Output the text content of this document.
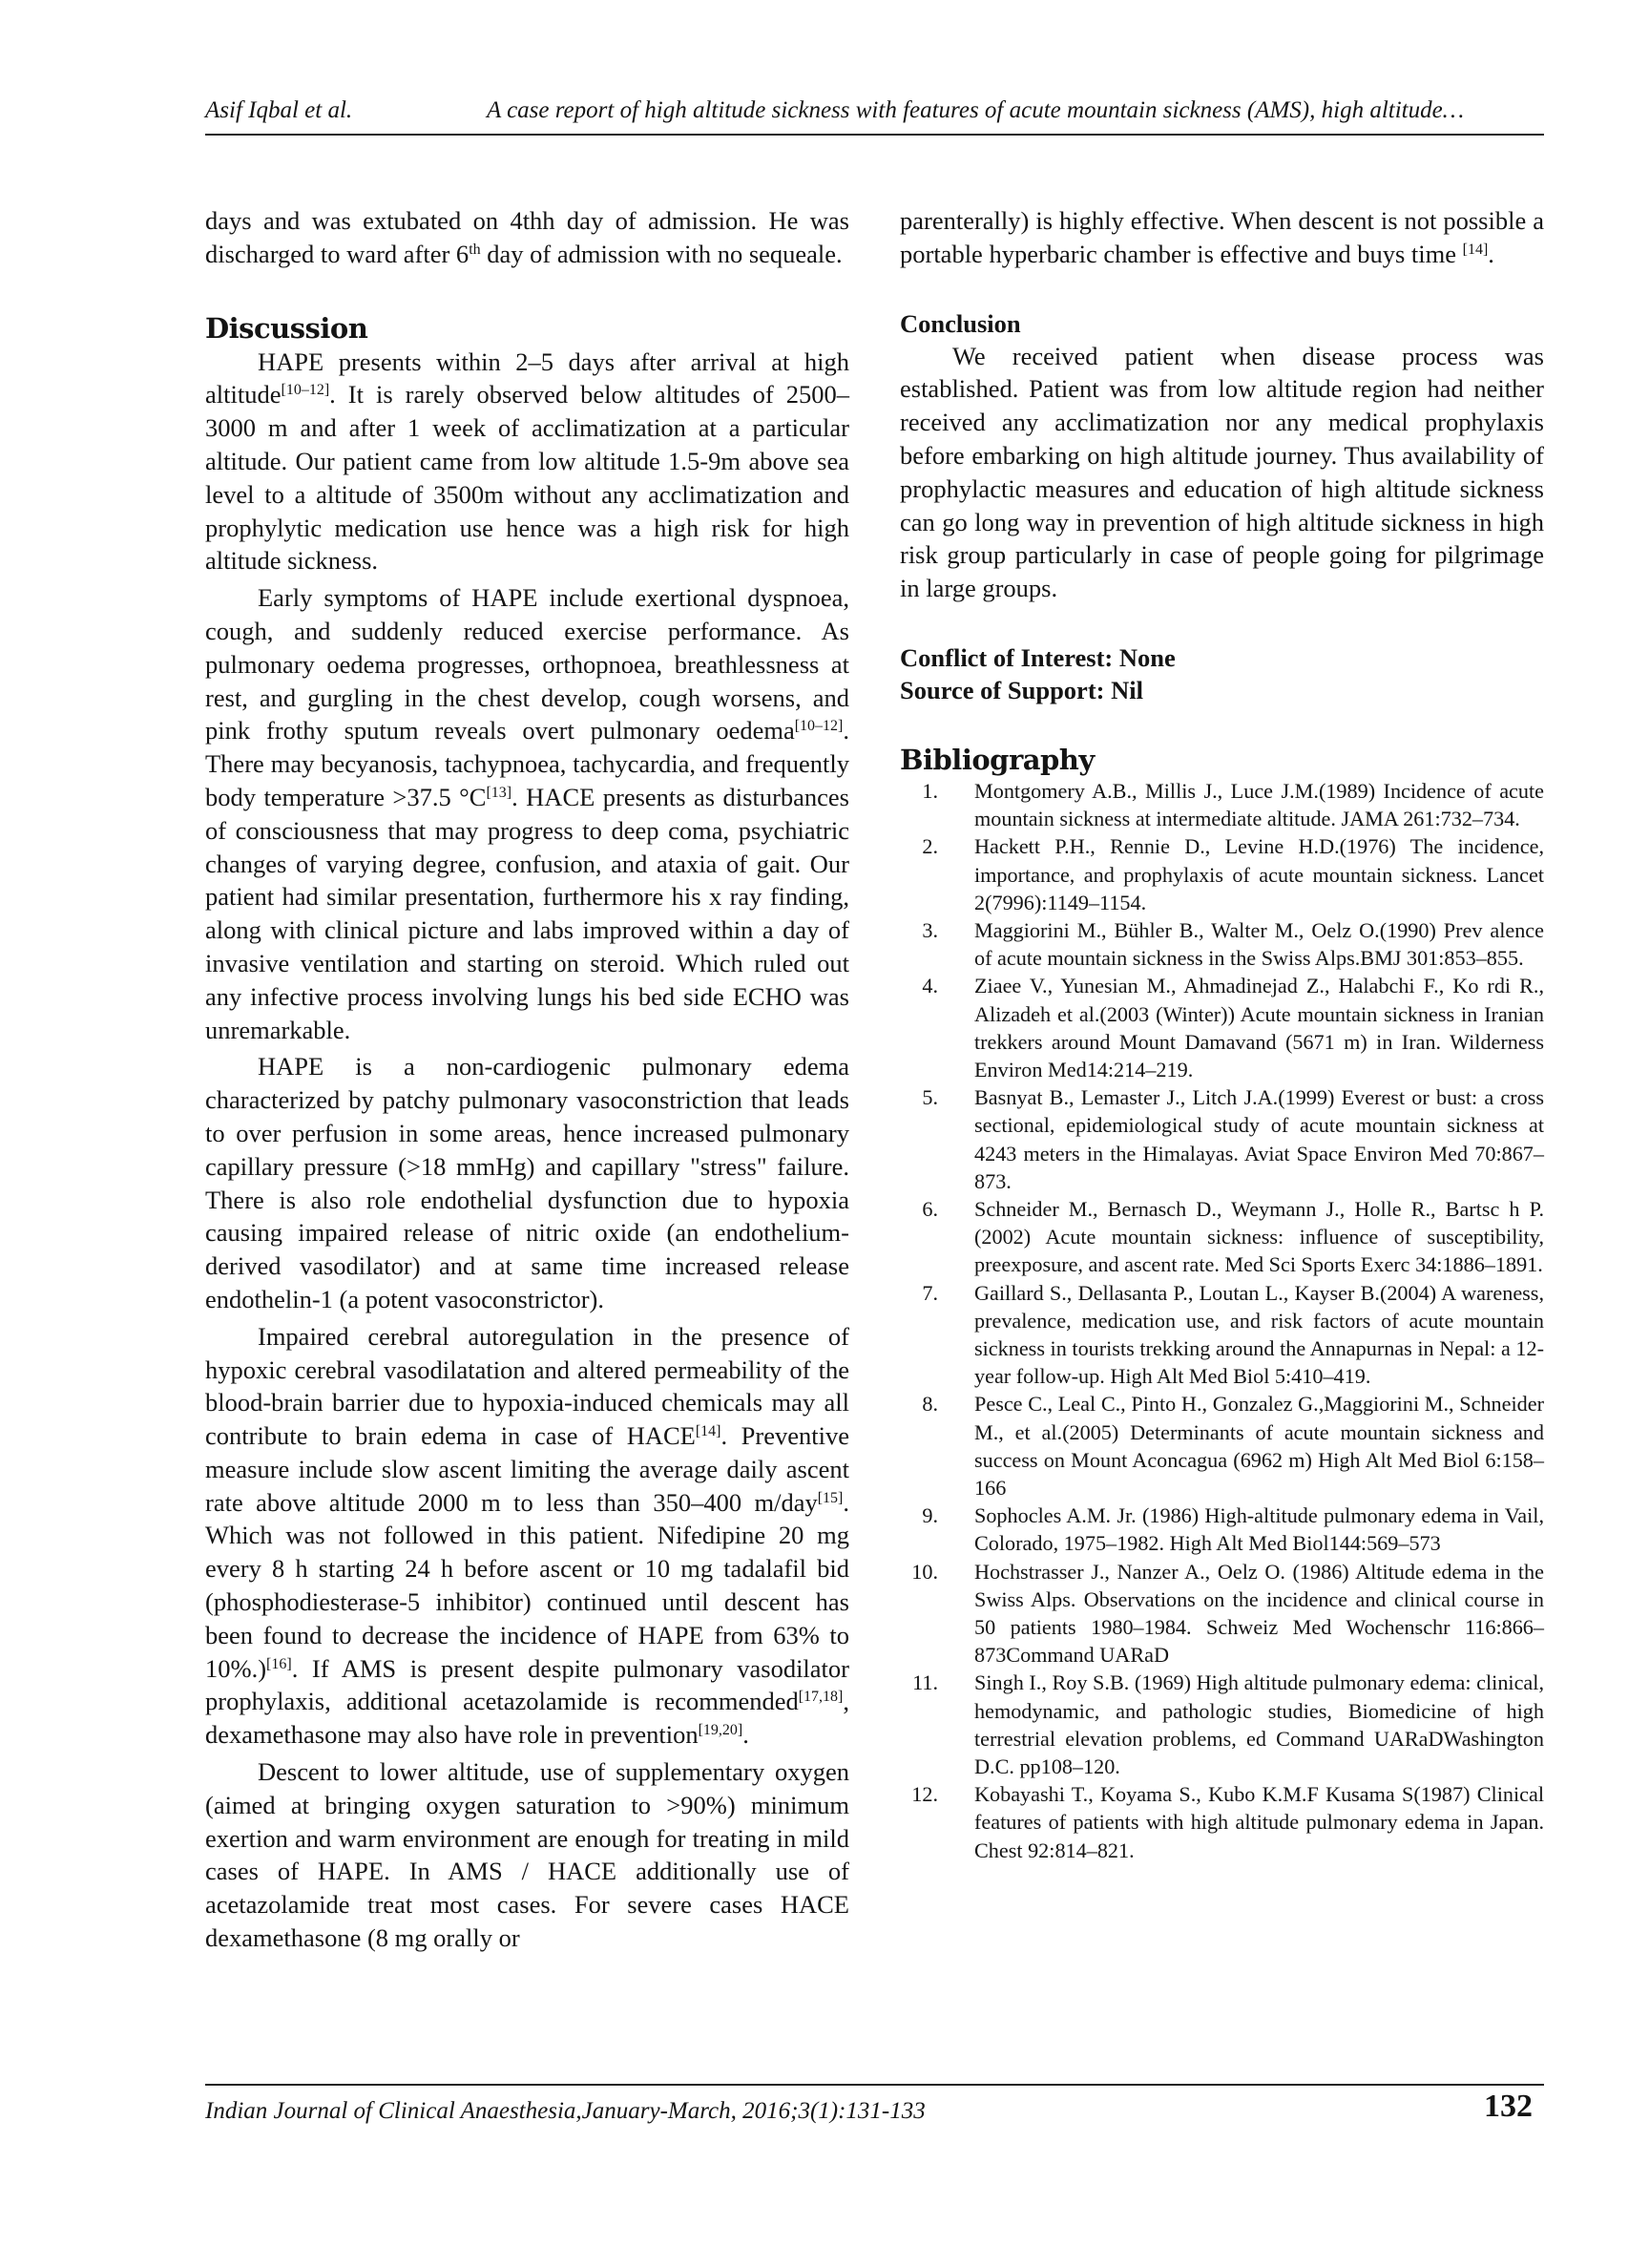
Asif Iqbal et al.	A case report of high altitude sickness with features of acute mountain sickness (AMS), high altitude…

days and was extubated on 4thh day of admission. He was discharged to ward after 6th day of admission with no sequeale.

Discussion

HAPE presents within 2–5 days after arrival at high altitude[10–12]. It is rarely observed below altitudes of 2500–3000 m and after 1 week of acclimatization at a particular altitude. Our patient came from low altitude 1.5-9m above sea level to a altitude of 3500m without any acclimatization and prophylytic medication use hence was a high risk for high altitude sickness.

Early symptoms of HAPE include exertional dyspnoea, cough, and suddenly reduced exercise performance. As pulmonary oedema progresses, orthopnoea, breathlessness at rest, and gurgling in the chest develop, cough worsens, and pink frothy sputum reveals overt pulmonary oedema[10–12]. There may becyanosis, tachypnoea, tachycardia, and frequently body temperature >37.5 °C[13]. HACE presents as disturbances of consciousness that may progress to deep coma, psychiatric changes of varying degree, confusion, and ataxia of gait. Our patient had similar presentation, furthermore his x ray finding, along with clinical picture and labs improved within a day of invasive ventilation and starting on steroid. Which ruled out any infective process involving lungs his bed side ECHO was unremarkable.

HAPE is a non-cardiogenic pulmonary edema characterized by patchy pulmonary vasoconstriction that leads to over perfusion in some areas, hence increased pulmonary capillary pressure (>18 mmHg) and capillary "stress" failure. There is also role endothelial dysfunction due to hypoxia causing impaired release of nitric oxide (an endothelium-derived vasodilator) and at same time increased release endothelin-1 (a potent vasoconstrictor).

Impaired cerebral autoregulation in the presence of hypoxic cerebral vasodilatation and altered permeability of the blood-brain barrier due to hypoxia-induced chemicals may all contribute to brain edema in case of HACE[14]. Preventive measure include slow ascent limiting the average daily ascent rate above altitude 2000 m to less than 350–400 m/day[15]. Which was not followed in this patient. Nifedipine 20 mg every 8 h starting 24 h before ascent or 10 mg tadalafil bid (phosphodiesterase-5 inhibitor) continued until descent has been found to decrease the incidence of HAPE from 63% to 10%.)[16]. If AMS is present despite pulmonary vasodilator prophylaxis, additional acetazolamide is recommended[17,18], dexamethasone may also have role in prevention[19,20].

Descent to lower altitude, use of supplementary oxygen (aimed at bringing oxygen saturation to >90%) minimum exertion and warm environment are enough for treating in mild cases of HAPE. In AMS / HACE additionally use of acetazolamide treat most cases. For severe cases HACE dexamethasone (8 mg orally or

parenterally) is highly effective. When descent is not possible a portable hyperbaric chamber is effective and buys time [14].

Conclusion

We received patient when disease process was established. Patient was from low altitude region had neither received any acclimatization nor any medical prophylaxis before embarking on high altitude journey. Thus availability of prophylactic measures and education of high altitude sickness can go long way in prevention of high altitude sickness in high risk group particularly in case of people going for pilgrimage in large groups.

Conflict of Interest: None
Source of Support: Nil
Bibliography
1. Montgomery A.B., Millis J., Luce J.M.(1989) Incidence of acute mountain sickness at intermediate altitude. JAMA 261:732–734.
2. Hackett P.H., Rennie D., Levine H.D.(1976) The incidence, importance, and prophylaxis of acute mountain sickness. Lancet 2(7996):1149–1154.
3. Maggiorini M., Bühler B., Walter M., Oelz O.(1990) Prev alence of acute mountain sickness in the Swiss Alps.BMJ 301:853–855.
4. Ziaee V., Yunesian M., Ahmadinejad Z., Halabchi F., Ko rdi R., Alizadeh et al.(2003 (Winter)) Acute mountain sickness in Iranian trekkers around Mount Damavand (5671 m) in Iran. Wilderness Environ Med14:214–219.
5. Basnyat B., Lemaster J., Litch J.A.(1999) Everest or bust: a cross sectional, epidemiological study of acute mountain sickness at 4243 meters in the Himalayas. Aviat Space Environ Med 70:867–873.
6. Schneider M., Bernasch D., Weymann J., Holle R., Bartsc h P.(2002) Acute mountain sickness: influence of susceptibility, preexposure, and ascent rate. Med Sci Sports Exerc 34:1886–1891.
7. Gaillard S., Dellasanta P., Loutan L., Kayser B.(2004) A wareness, prevalence, medication use, and risk factors of acute mountain sickness in tourists trekking around the Annapurnas in Nepal: a 12-year follow-up. High Alt Med Biol 5:410–419.
8. Pesce C., Leal C., Pinto H., Gonzalez G.,Maggiorini M., Schneider M., et al.(2005) Determinants of acute mountain sickness and success on Mount Aconcagua (6962 m) High Alt Med Biol 6:158–166
9. Sophocles A.M. Jr. (1986) High-altitude pulmonary edema in Vail, Colorado, 1975–1982. High Alt Med Biol144:569–573
10. Hochstrasser J., Nanzer A., Oelz O. (1986) Altitude edema in the Swiss Alps. Observations on the incidence and clinical course in 50 patients 1980–1984. Schweiz Med Wochenschr 116:866–873Command UARaD
11. Singh I., Roy S.B. (1969) High altitude pulmonary edema: clinical, hemodynamic, and pathologic studies, Biomedicine of high terrestrial elevation problems, ed Command UARaDWashington D.C. pp108–120.
12. Kobayashi T., Koyama S., Kubo K.M.F Kusama S(1987) Clinical features of patients with high altitude pulmonary edema in Japan. Chest 92:814–821.
Indian Journal of Clinical Anaesthesia,January-March, 2016;3(1):131-133	132
